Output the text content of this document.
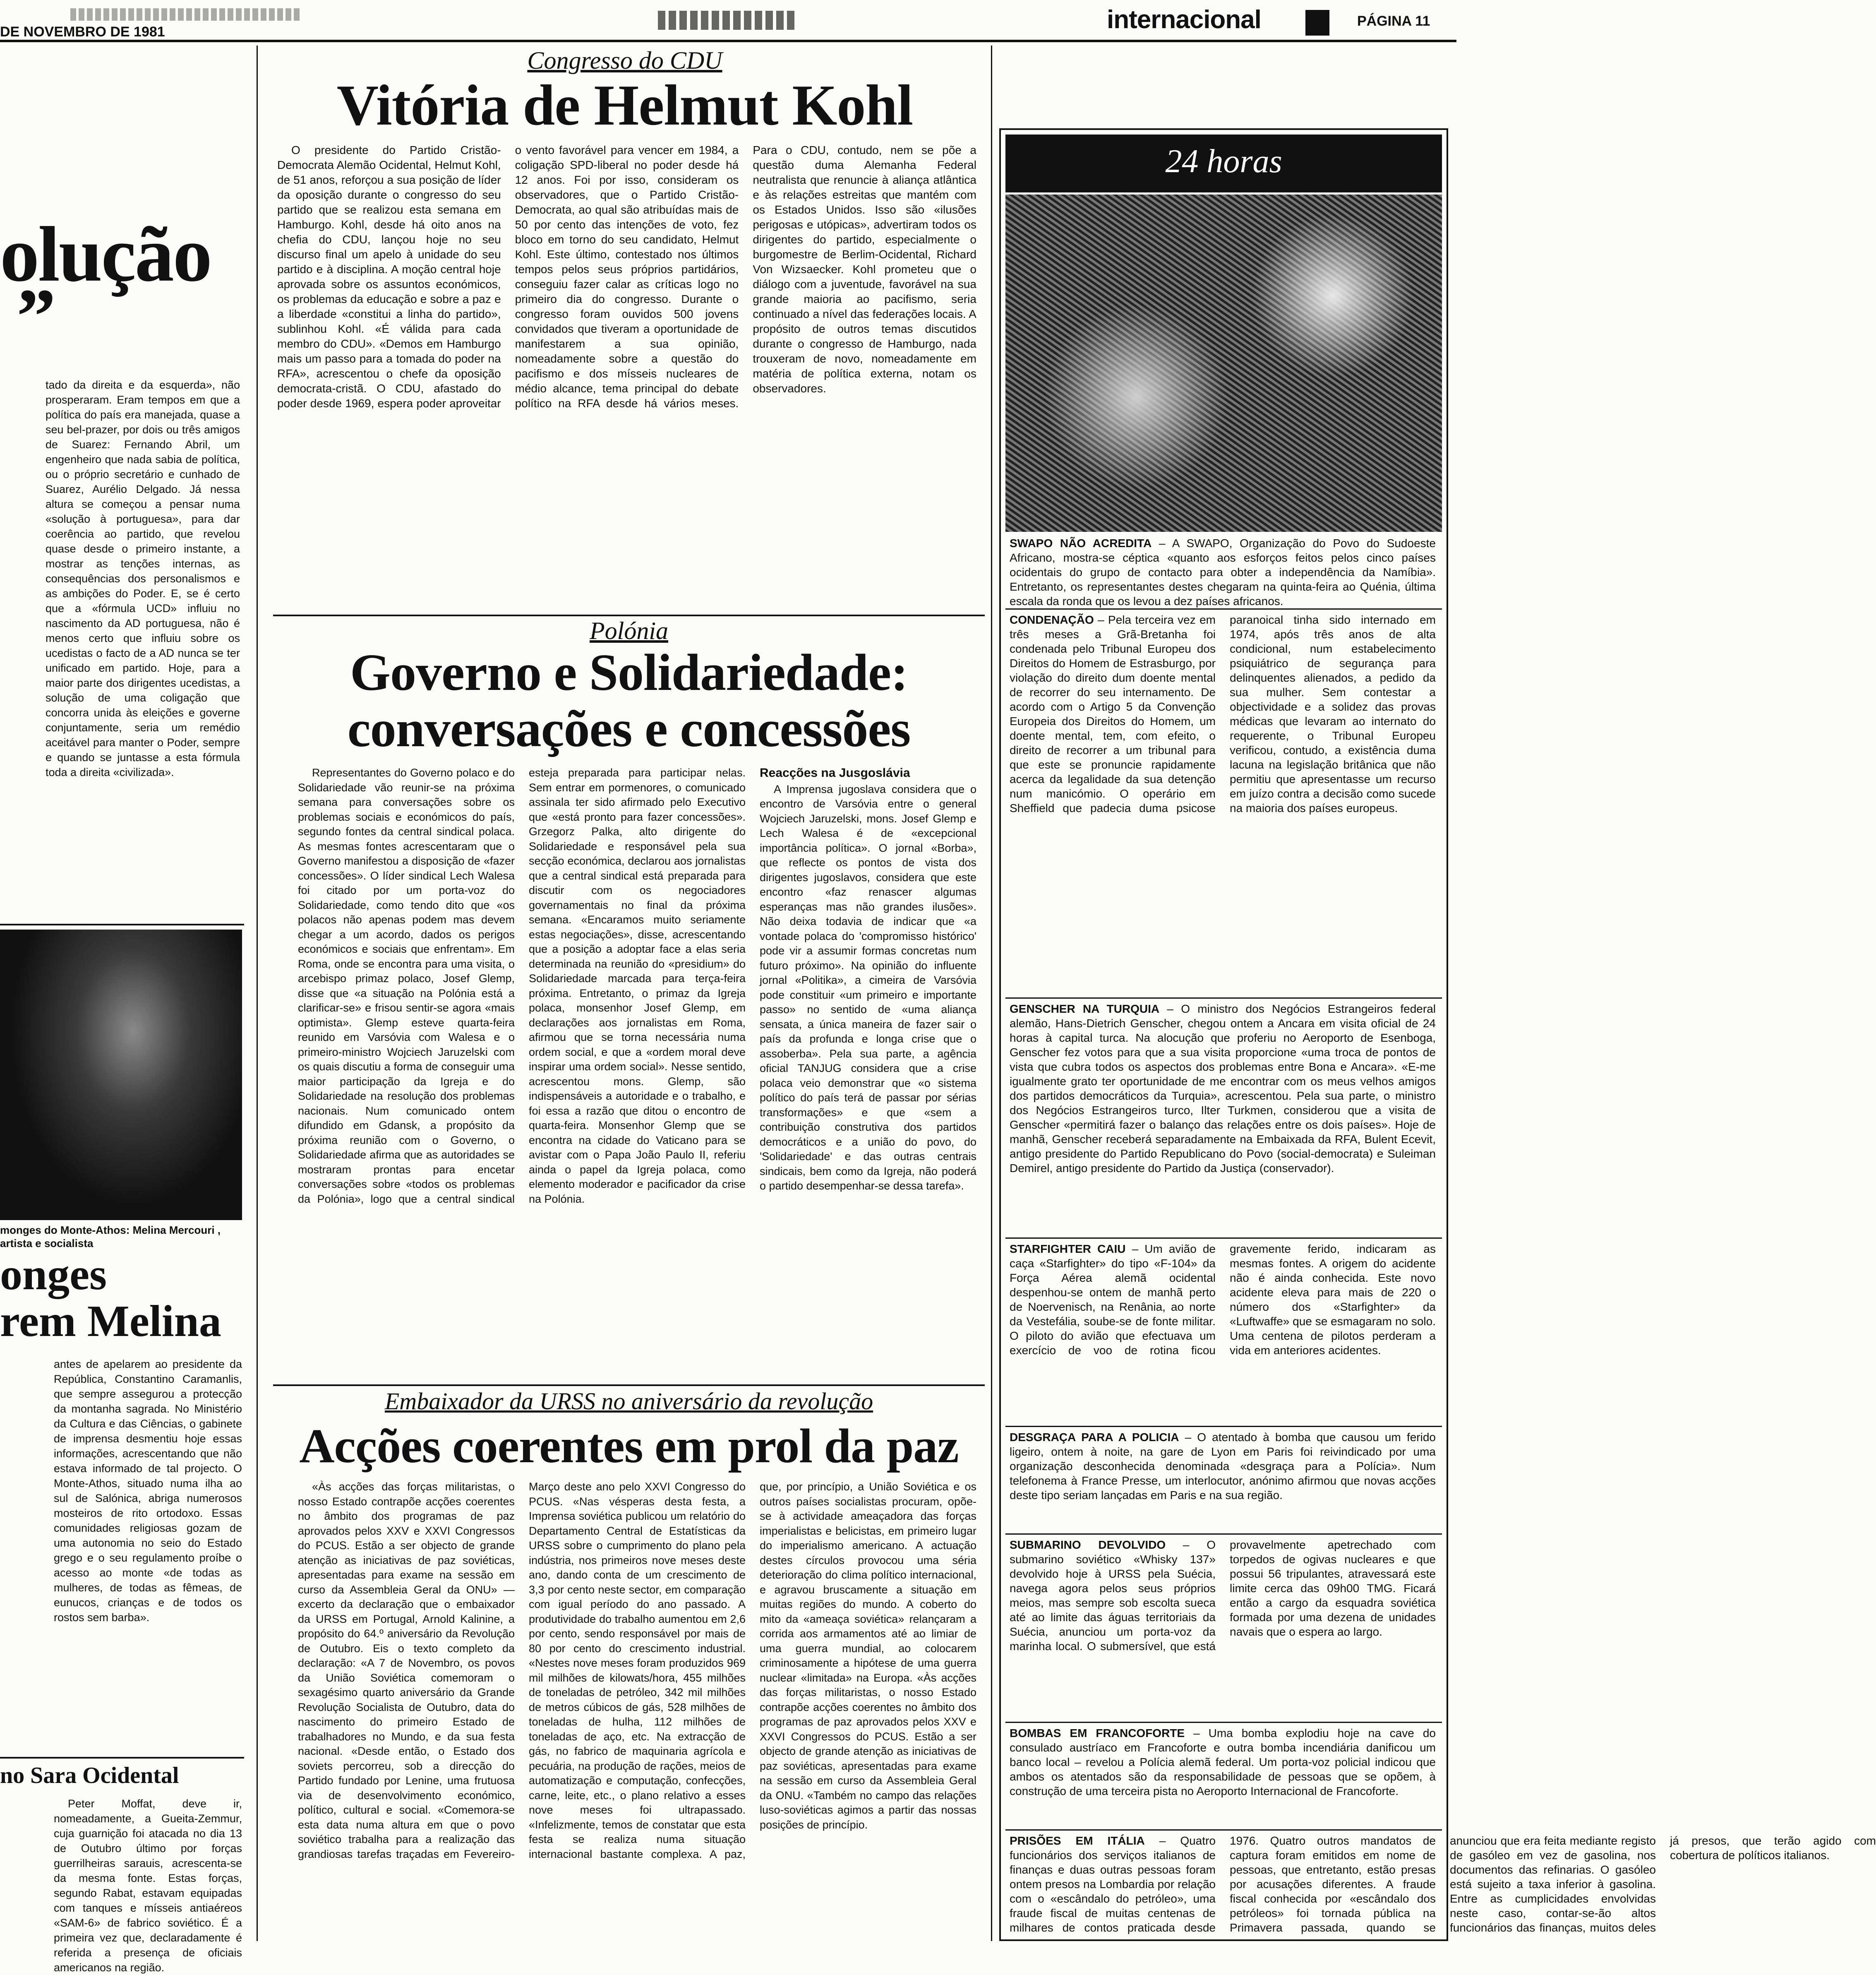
DE NOVEMBRO DE 1981	internacional	PÁGINA 11
olução
”

tado da direita e da esquerda», não prosperaram. Eram tempos em que a política do país era manejada, quase a seu bel-prazer, por dois ou três amigos de Suarez: Fernando Abril, um engenheiro que nada sabia de política, ou o próprio secretário e cunhado de Suarez, Aurélio Delgado. Já nessa altura se começou a pensar numa «solução à portuguesa», para dar coerência ao partido, que revelou quase desde o primeiro instante, a mostrar as tenções internas, as consequências dos personalismos e as ambições do Poder. E, se é certo que a «fórmula UCD» influiu no nascimento da AD portuguesa, não é menos certo que influiu sobre os ucedistas o facto de a AD nunca se ter unificado em partido. Hoje, para a maior parte dos dirigentes ucedistas, a solução de uma coligação que concorra unida às eleições e governe conjuntamente, seria um remédio aceitável para manter o Poder, sempre e quando se juntasse a esta fórmula toda a direita «civilizada».

monges do Monte-Athos: Melina Mercouri , artista e socialista
onges
rem Melina

antes de apelarem ao presidente da República, Constantino Caramanlis, que sempre assegurou a protecção da montanha sagrada. No Ministério da Cultura e das Ciências, o gabinete de imprensa desmentiu hoje essas informações, acrescentando que não estava informado de tal projecto. O Monte-Athos, situado numa ilha ao sul de Salónica, abriga numerosos mosteiros de rito ortodoxo. Essas comunidades religiosas gozam de uma autonomia no seio do Estado grego e o seu regulamento proíbe o acesso ao monte «de todas as mulheres, de todas as fêmeas, de eunucos, crianças e de todos os rostos sem barba».

no Sara Ocidental

Peter Moffat, deve ir, nomeadamente, a Gueita-Zemmur, cuja guarnição foi atacada no dia 13 de Outubro último por forças guerrilheiras sarauis, acrescenta-se da mesma fonte. Estas forças, segundo Rabat, estavam equipadas com tanques e mísseis antiaéreos «SAM-6» de fabrico soviético. É a primeira vez que, declaradamente é referida a presença de oficiais americanos na região.

Congresso do CDU
Vitória de Helmut Kohl

O presidente do Partido Cristão-Democrata Alemão Ocidental, Helmut Kohl, de 51 anos, reforçou a sua posição de líder da oposição durante o congresso do seu partido que se realizou esta semana em Hamburgo. Kohl, desde há oito anos na chefia do CDU, lançou hoje no seu discurso final um apelo à unidade do seu partido e à disciplina. A moção central hoje aprovada sobre os assuntos económicos, os problemas da educação e sobre a paz e a liberdade «constitui a linha do partido», sublinhou Kohl. «É válida para cada membro do CDU». «Demos em Hamburgo mais um passo para a tomada do poder na RFA», acrescentou o chefe da oposição democrata-cristã. O CDU, afastado do poder desde 1969, espera poder aproveitar o vento favorável para vencer em 1984, a coligação SPD-liberal no poder desde há 12 anos. Foi por isso, consideram os observadores, que o Partido Cristão-Democrata, ao qual são atribuídas mais de 50 por cento das intenções de voto, fez bloco em torno do seu candidato, Helmut Kohl. Este último, contestado nos últimos tempos pelos seus próprios partidários, conseguiu fazer calar as críticas logo no primeiro dia do congresso. Durante o congresso foram ouvidos 500 jovens convidados que tiveram a oportunidade de manifestarem a sua opinião, nomeadamente sobre a questão do pacifismo e dos mísseis nucleares de médio alcance, tema principal do debate político na RFA desde há vários meses. Para o CDU, contudo, nem se põe a questão duma Alemanha Federal neutralista que renuncie à aliança atlântica e às relações estreitas que mantém com os Estados Unidos. Isso são «ilusões perigosas e utópicas», advertiram todos os dirigentes do partido, especialmente o burgomestre de Berlim-Ocidental, Richard Von Wizsaecker. Kohl prometeu que o diálogo com a juventude, favorável na sua grande maioria ao pacifismo, seria continuado a nível das federações locais. A propósito de outros temas discutidos durante o congresso de Hamburgo, nada trouxeram de novo, nomeadamente em matéria de política externa, notam os observadores.

Polónia
Governo e Solidariedade:
conversações e concessões

Representantes do Governo polaco e do Solidariedade vão reunir-se na próxima semana para conversações sobre os problemas sociais e económicos do país, segundo fontes da central sindical polaca. As mesmas fontes acrescentaram que o Governo manifestou a disposição de «fazer concessões». O líder sindical Lech Walesa foi citado por um porta-voz do Solidariedade, como tendo dito que «os polacos não apenas podem mas devem chegar a um acordo, dados os perigos económicos e sociais que enfrentam». Em Roma, onde se encontra para uma visita, o arcebispo primaz polaco, Josef Glemp, disse que «a situação na Polónia está a clarificar-se» e frisou sentir-se agora «mais optimista». Glemp esteve quarta-feira reunido em Varsóvia com Walesa e o primeiro-ministro Wojciech Jaruzelski com os quais discutiu a forma de conseguir uma maior participação da Igreja e do Solidariedade na resolução dos problemas nacionais. Num comunicado ontem difundido em Gdansk, a propósito da próxima reunião com o Governo, o Solidariedade afirma que as autoridades se mostraram prontas para encetar conversações sobre «todos os problemas da Polónia», logo que a central sindical esteja preparada para participar nelas. Sem entrar em pormenores, o comunicado assinala ter sido afirmado pelo Executivo que «está pronto para fazer concessões». Grzegorz Palka, alto dirigente do Solidariedade e responsável pela sua secção económica, declarou aos jornalistas que a central sindical está preparada para discutir com os negociadores governamentais no final da próxima semana. «Encaramos muito seriamente estas negociações», disse, acrescentando que a posição a adoptar face a elas seria determinada na reunião do «presidium» do Solidariedade marcada para terça-feira próxima. Entretanto, o primaz da Igreja polaca, monsenhor Josef Glemp, em declarações aos jornalistas em Roma, afirmou que se torna necessária numa ordem social, e que a «ordem moral deve inspirar uma ordem social». Nesse sentido, acrescentou mons. Glemp, são indispensáveis a autoridade e o trabalho, e foi essa a razão que ditou o encontro de quarta-feira. Monsenhor Glemp que se encontra na cidade do Vaticano para se avistar com o Papa João Paulo II, referiu ainda o papel da Igreja polaca, como elemento moderador e pacificador da crise na Polónia.

Reacções na Jusgoslávia

A Imprensa jugoslava considera que o encontro de Varsóvia entre o general Wojciech Jaruzelski, mons. Josef Glemp e Lech Walesa é de «excepcional importância política». O jornal «Borba», que reflecte os pontos de vista dos dirigentes jugoslavos, considera que este encontro «faz renascer algumas esperanças mas não grandes ilusões». Não deixa todavia de indicar que «a vontade polaca do 'compromisso histórico' pode vir a assumir formas concretas num futuro próximo». Na opinião do influente jornal «Politika», a cimeira de Varsóvia pode constituir «um primeiro e importante passo» no sentido de «uma aliança sensata, a única maneira de fazer sair o país da profunda e longa crise que o assoberba». Pela sua parte, a agência oficial TANJUG considera que a crise polaca veio demonstrar que «o sistema político do país terá de passar por sérias transformações» e que «sem a contribuição construtiva dos partidos democráticos e a união do povo, do 'Solidariedade' e das outras centrais sindicais, bem como da Igreja, não poderá o partido desempenhar-se dessa tarefa».

Embaixador da URSS no aniversário da revolução
Acções coerentes em prol da paz

«Às acções das forças militaristas, o nosso Estado contrapõe acções coerentes no âmbito dos programas de paz aprovados pelos XXV e XXVI Congressos do PCUS. Estão a ser objecto de grande atenção as iniciativas de paz soviéticas, apresentadas para exame na sessão em curso da Assembleia Geral da ONU» — excerto da declaração que o embaixador da URSS em Portugal, Arnold Kalinine, a propósito do 64.º aniversário da Revolução de Outubro. Eis o texto completo da declaração: «A 7 de Novembro, os povos da União Soviética comemoram o sexagésimo quarto aniversário da Grande Revolução Socialista de Outubro, data do nascimento do primeiro Estado de trabalhadores no Mundo, e da sua festa nacional. «Desde então, o Estado dos soviets percorreu, sob a direcção do Partido fundado por Lenine, uma frutuosa via de desenvolvimento económico, político, cultural e social. «Comemora-se esta data numa altura em que o povo soviético trabalha para a realização das grandiosas tarefas traçadas em Fevereiro-Março deste ano pelo XXVI Congresso do PCUS. «Nas vésperas desta festa, a Imprensa soviética publicou um relatório do Departamento Central de Estatísticas da URSS sobre o cumprimento do plano pela indústria, nos primeiros nove meses deste ano, dando conta de um crescimento de 3,3 por cento neste sector, em comparação com igual período do ano passado. A produtividade do trabalho aumentou em 2,6 por cento, sendo responsável por mais de 80 por cento do crescimento industrial. «Nestes nove meses foram produzidos 969 mil milhões de kilowats/hora, 455 milhões de toneladas de petróleo, 342 mil milhões de metros cúbicos de gás, 528 milhões de toneladas de hulha, 112 milhões de toneladas de aço, etc. Na extracção de gás, no fabrico de maquinaria agrícola e pecuária, na produção de rações, meios de automatização e computação, confecções, carne, leite, etc., o plano relativo a esses nove meses foi ultrapassado. «Infelizmente, temos de constatar que esta festa se realiza numa situação internacional bastante complexa. A paz, que, por princípio, a União Soviética e os outros países socialistas procuram, opõe-se à actividade ameaçadora das forças imperialistas e belicistas, em primeiro lugar do imperialismo americano. A actuação destes círculos provocou uma séria deterioração do clima político internacional, e agravou bruscamente a situação em muitas regiões do mundo. A coberto do mito da «ameaça soviética» relançaram a corrida aos armamentos até ao limiar de uma guerra mundial, ao colocarem criminosamente a hipótese de uma guerra nuclear «limitada» na Europa. «Às acções das forças militaristas, o nosso Estado contrapõe acções coerentes no âmbito dos programas de paz aprovados pelos XXV e XXVI Congressos do PCUS. Estão a ser objecto de grande atenção as iniciativas de paz soviéticas, apresentadas para exame na sessão em curso da Assembleia Geral da ONU. «Também no campo das relações luso-soviéticas agimos a partir das nossas posições de princípio.

24 horas
SWAPO NÃO ACREDITA – A SWAPO, Organização do Povo do Sudoeste Africano, mostra-se céptica «quanto aos esforços feitos pelos cinco países ocidentais do grupo de contacto para obter a independência da Namíbia». Entretanto, os representantes destes chegaram na quinta-feira ao Quénia, última escala da ronda que os levou a dez países africanos.
CONDENAÇÃO – Pela terceira vez em três meses a Grã-Bretanha foi condenada pelo Tribunal Europeu dos Direitos do Homem de Estrasburgo, por violação do direito dum doente mental de recorrer do seu internamento. De acordo com o Artigo 5 da Convenção Europeia dos Direitos do Homem, um doente mental, tem, com efeito, o direito de recorrer a um tribunal para que este se pronuncie rapidamente acerca da legalidade da sua detenção num manicómio. O operário em Sheffield que padecia duma psicose paranoical tinha sido internado em 1974, após três anos de alta condicional, num estabelecimento psiquiátrico de segurança para delinquentes alienados, a pedido da sua mulher. Sem contestar a objectividade e a solidez das provas médicas que levaram ao internato do requerente, o Tribunal Europeu verificou, contudo, a existência duma lacuna na legislação britânica que não permitiu que apresentasse um recurso em juízo contra a decisão como sucede na maioria dos países europeus.
GENSCHER NA TURQUIA – O ministro dos Negócios Estrangeiros federal alemão, Hans-Dietrich Genscher, chegou ontem a Ancara em visita oficial de 24 horas à capital turca. Na alocução que proferiu no Aeroporto de Esenboga, Genscher fez votos para que a sua visita proporcione «uma troca de pontos de vista que cubra todos os aspectos dos problemas entre Bona e Ancara». «E-me igualmente grato ter oportunidade de me encontrar com os meus velhos amigos dos partidos democráticos da Turquia», acrescentou. Pela sua parte, o ministro dos Negócios Estrangeiros turco, Ilter Turkmen, considerou que a visita de Genscher «permitirá fazer o balanço das relações entre os dois países». Hoje de manhã, Genscher receberá separadamente na Embaixada da RFA, Bulent Ecevit, antigo presidente do Partido Republicano do Povo (social-democrata) e Suleiman Demirel, antigo presidente do Partido da Justiça (conservador).
STARFIGHTER CAIU – Um avião de caça «Starfighter» do tipo «F-104» da Força Aérea alemã ocidental despenhou-se ontem de manhã perto de Noervenisch, na Renânia, ao norte da Vestefália, soube-se de fonte militar. O piloto do avião que efectuava um exercício de voo de rotina ficou gravemente ferido, indicaram as mesmas fontes. A origem do acidente não é ainda conhecida. Este novo acidente eleva para mais de 220 o número dos «Starfighter» da «Luftwaffe» que se esmagaram no solo. Uma centena de pilotos perderam a vida em anteriores acidentes.
DESGRAÇA PARA A POLICIA – O atentado à bomba que causou um ferido ligeiro, ontem à noite, na gare de Lyon em Paris foi reivindicado por uma organização desconhecida denominada «desgraça para a Polícia». Num telefonema à France Presse, um interlocutor, anónimo afirmou que novas acções deste tipo seriam lançadas em Paris e na sua região.
SUBMARINO DEVOLVIDO – O submarino soviético «Whisky 137» devolvido hoje à URSS pela Suécia, navega agora pelos seus próprios meios, mas sempre sob escolta sueca até ao limite das águas territoriais da Suécia, anunciou um porta-voz da marinha local. O submersível, que está provavelmente apetrechado com torpedos de ogivas nucleares e que possui 56 tripulantes, atravessará este limite cerca das 09h00 TMG. Ficará então a cargo da esquadra soviética formada por uma dezena de unidades navais que o espera ao largo.
BOMBAS EM FRANCOFORTE – Uma bomba explodiu hoje na cave do consulado austríaco em Francoforte e outra bomba incendiária danificou um banco local – revelou a Polícia alemã federal. Um porta-voz policial indicou que ambos os atentados são da responsabilidade de pessoas que se opõem, à construção de uma terceira pista no Aeroporto Internacional de Francoforte.
PRISÕES EM ITÁLIA – Quatro funcionários dos serviços italianos de finanças e duas outras pessoas foram ontem presos na Lombardia por relação com o «escândalo do petróleo», uma fraude fiscal de muitas centenas de milhares de contos praticada desde 1976. Quatro outros mandatos de captura foram emitidos em nome de pessoas, que entretanto, estão presas por acusações diferentes. A fraude fiscal conhecida por «escândalo dos petróleos» foi tornada pública na Primavera passada, quando se anunciou que era feita mediante registo de gasóleo em vez de gasolina, nos documentos das refinarias. O gasóleo está sujeito a taxa inferior à gasolina. Entre as cumplicidades envolvidas neste caso, contar-se-ão altos funcionários das finanças, muitos deles já presos, que terão agido com cobertura de políticos italianos.
